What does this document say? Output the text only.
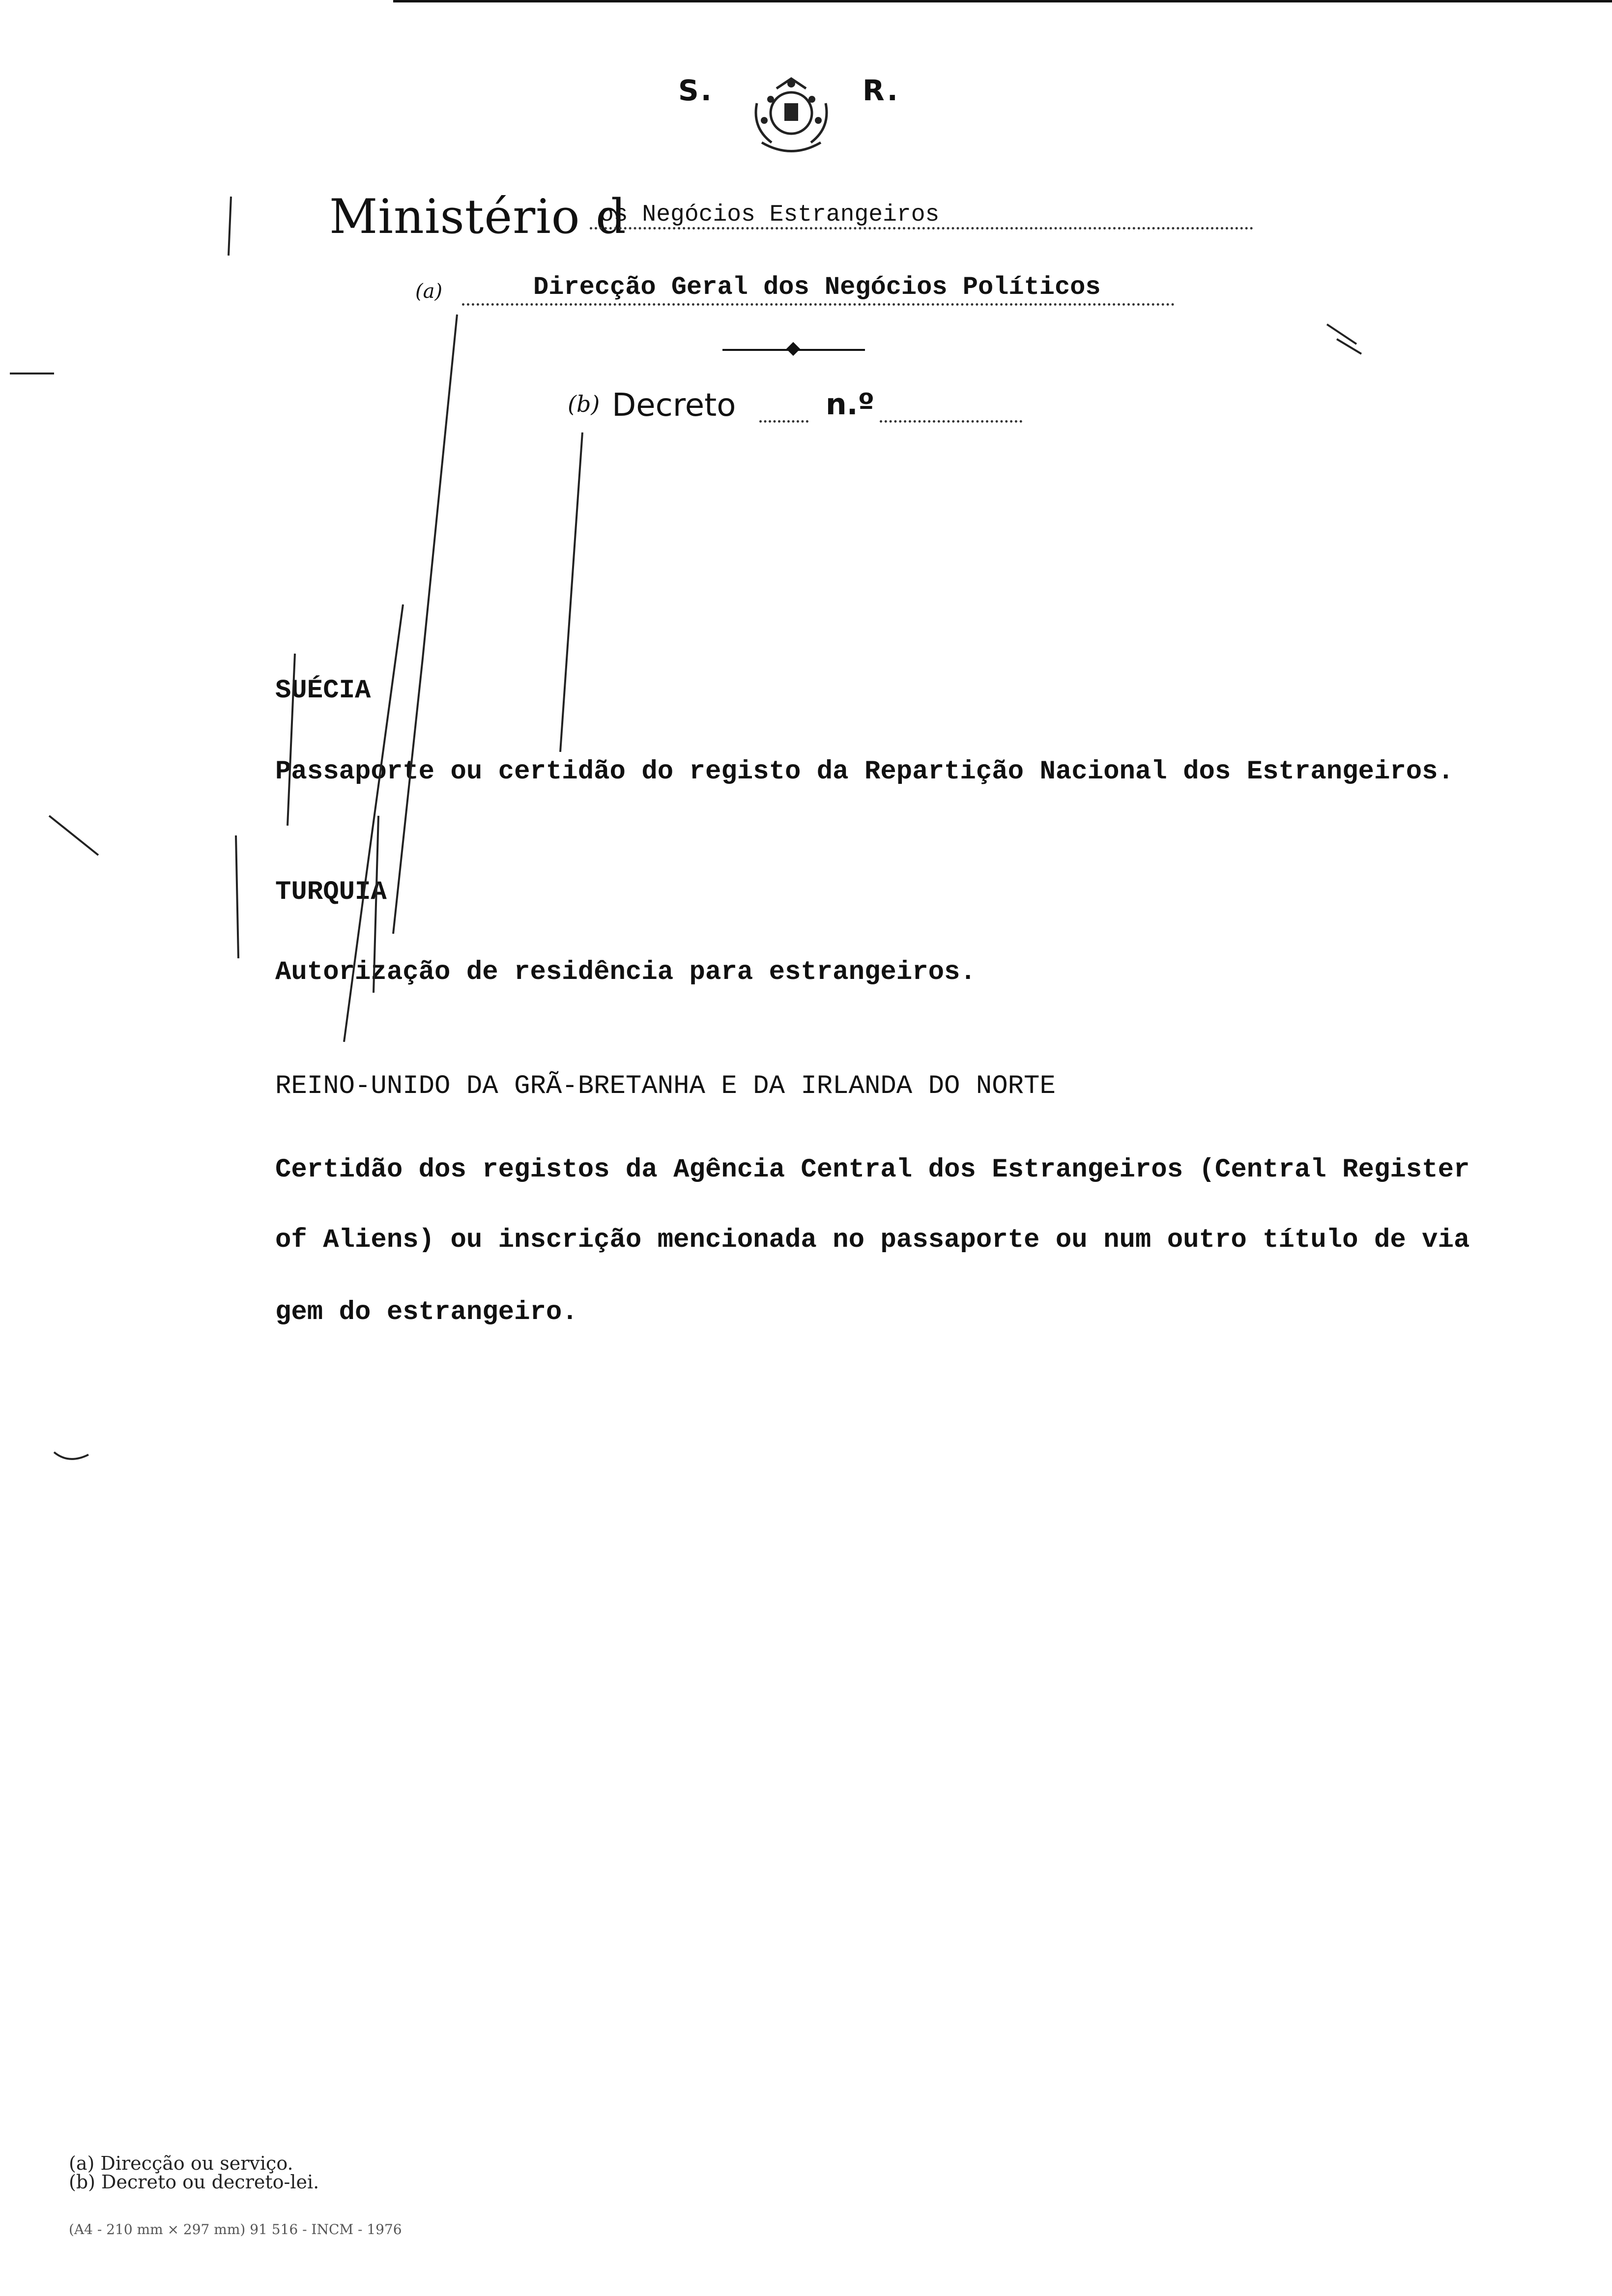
S.	R.
Ministério d
os Negócios Estrangeiros
(a)	Direcção Geral dos Negócios Políticos
(b) Decreto	n.º
SUÉCIA
Passaporte ou certidão do registo da Repartição Nacional dos Estrangeiros.
TURQUIA
Autorização de residência para estrangeiros.
REINO-UNIDO DA GRÃ-BRETANHA E DA IRLANDA DO NORTE
Certidão dos registos da Agência Central dos Estrangeiros (Central Register
of Aliens) ou inscrição mencionada no passaporte ou num outro título de via
gem do estrangeiro.
(a) Direcção ou serviço.
(b) Decreto ou decreto-lei.
(A4 - 210 mm × 297 mm) 91 516 - INCM - 1976
